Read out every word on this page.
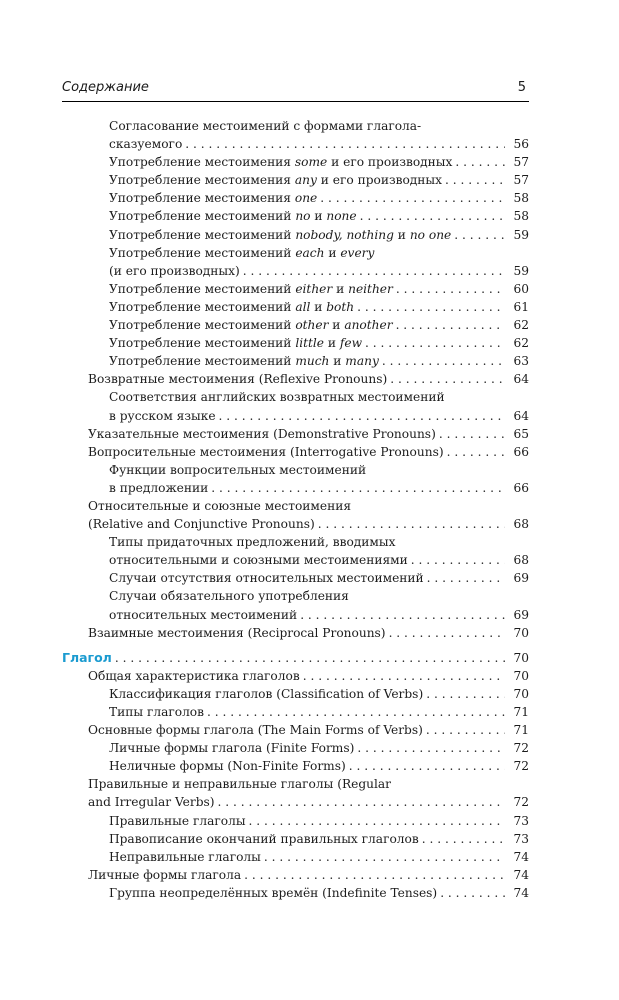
Содержание	5
Согласование местоимений с формами глагола-
сказуемого . . .	56
Употребление местоимения some и его производных . . .	57
Употребление местоимения any и его производных . . .	57
Употребление местоимения one . . .	58
Употребление местоимений no и none . . .	58
Употребление местоимений nobody, nothing и no one . . .	59
Употребление местоимений each и every
(и его производных) . . .	59
Употребление местоимений either и neither . . .	60
Употребление местоимений all и both . . .	61
Употребление местоимений other и another . . .	62
Употребление местоимений little и few . . .	62
Употребление местоимений much и many . . .	63
Возвратные местоимения (Reflexive Pronouns) . . .	64
Соответствия английских возвратных местоимений
в русском языке . . .	64
Указательные местоимения (Demonstrative Pronouns) . . .	65
Вопросительные местоимения (Interrogative Pronouns) . . .	66
Функции вопросительных местоимений
в предложении . . .	66
Относительные и союзные местоимения
(Relative and Conjunctive Pronouns) . . .	68
Типы придаточных предложений, вводимых
относительными и союзными местоимениями . . .	68
Случаи отсутствия относительных местоимений . . .	69
Случаи обязательного употребления
относительных местоимений . . .	69
Взаимные местоимения (Reciprocal Pronouns) . . .	70
Глагол . . .	70
Общая характеристика глаголов . . .	70
Классификация глаголов (Classification of Verbs) . . .	70
Типы глаголов . . .	71
Основные формы глагола (The Main Forms of Verbs) . . .	71
Личные формы глагола (Finite Forms) . . .	72
Неличные формы (Non-Finite Forms) . . .	72
Правильные и неправильные глаголы (Regular
and Irregular Verbs) . . .	72
Правильные глаголы . . .	73
Правописание окончаний правильных глаголов . . .	73
Неправильные глаголы . . .	74
Личные формы глагола . . .	74
Группа неопределённых времён (Indefinite Tenses) . . .	74
